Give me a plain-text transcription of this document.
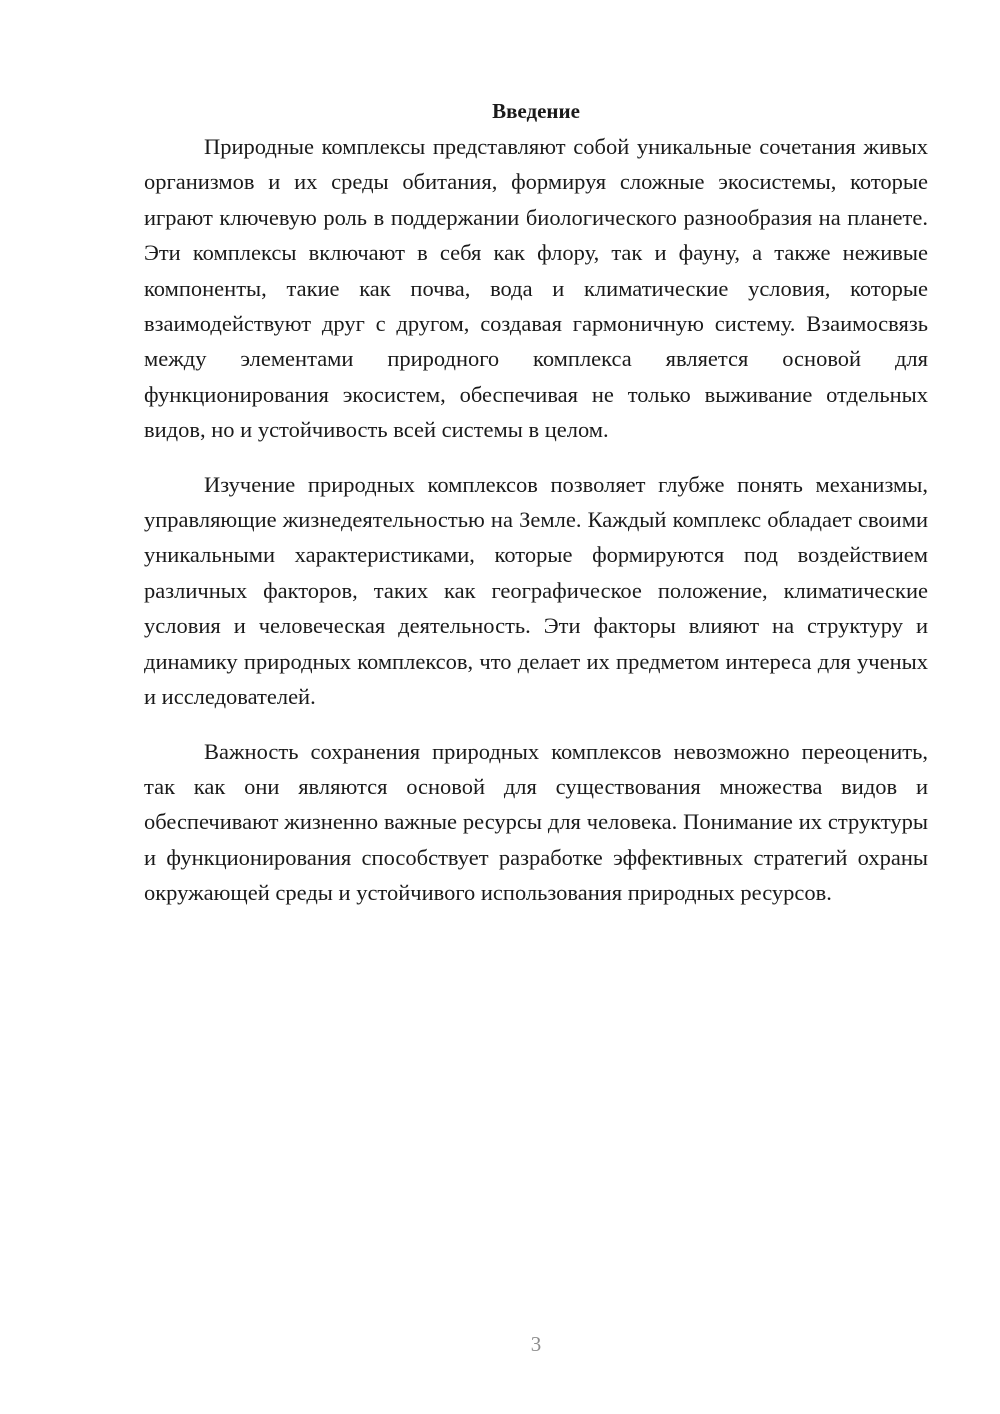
Введение

Природные комплексы представляют собой уникальные сочетания живых организмов и их среды обитания, формируя сложные экосистемы, которые играют ключевую роль в поддержании биологического разнообразия на планете. Эти комплексы включают в себя как флору, так и фауну, а также неживые компоненты, такие как почва, вода и климатические условия, которые взаимодействуют друг с другом, создавая гармоничную систему. Взаимосвязь между элементами природного комплекса является основой для функционирования экосистем, обеспечивая не только выживание отдельных видов, но и устойчивость всей системы в целом.

Изучение природных комплексов позволяет глубже понять механизмы, управляющие жизнедеятельностью на Земле. Каждый комплекс обладает своими уникальными характеристиками, которые формируются под воздействием различных факторов, таких как географическое положение, климатические условия и человеческая деятельность. Эти факторы влияют на структуру и динамику природных комплексов, что делает их предметом интереса для ученых и исследователей.

Важность сохранения природных комплексов невозможно переоценить, так как они являются основой для существования множества видов и обеспечивают жизненно важные ресурсы для человека. Понимание их структуры и функционирования способствует разработке эффективных стратегий охраны окружающей среды и устойчивого использования природных ресурсов.

3
